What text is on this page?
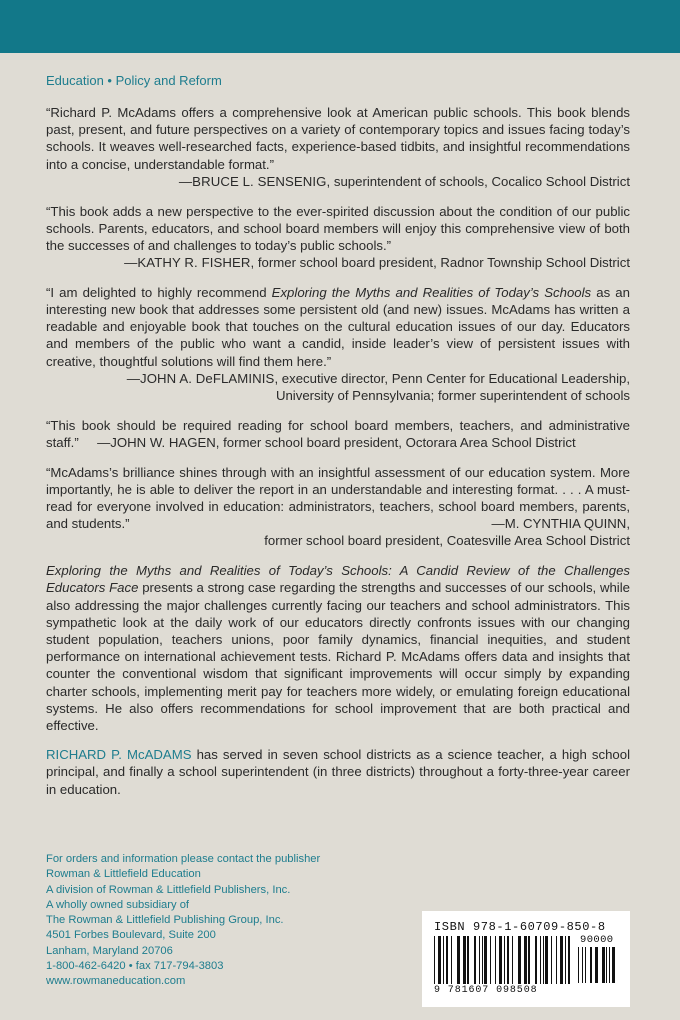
Education • Policy and Reform
“Richard P. McAdams offers a comprehensive look at American public schools. This book blends past, present, and future perspectives on a variety of contemporary topics and issues facing today’s schools. It weaves well-researched facts, experience-based tidbits, and insightful recommendations into a concise, understandable format.”
—BRUCE L. SENSENIG, superintendent of schools, Cocalico School District
“This book adds a new perspective to the ever-spirited discussion about the condition of our public schools. Parents, educators, and school board members will enjoy this comprehensive view of both the successes of and challenges to today’s public schools.”
—KATHY R. FISHER, former school board president, Radnor Township School District
“I am delighted to highly recommend Exploring the Myths and Realities of Today’s Schools as an interesting new book that addresses some persistent old (and new) issues. McAdams has written a readable and enjoyable book that touches on the cultural education issues of our day. Educators and members of the public who want a candid, inside leader’s view of persistent issues with creative, thoughtful solutions will find them here.”
—JOHN A. DeFLAMINIS, executive director, Penn Center for Educational Leadership,
University of Pennsylvania; former superintendent of schools
“This book should be required reading for school board members, teachers, and administrative staff.” —JOHN W. HAGEN, former school board president, Octorara Area School District
“McAdams’s brilliance shines through with an insightful assessment of our education system. More importantly, he is able to deliver the report in an understandable and interesting format. . . . A must-read for everyone involved in education: administrators, teachers, school board members, parents, and students.”	—M. CYNTHIA QUINN,
former school board president, Coatesville Area School District
Exploring the Myths and Realities of Today’s Schools: A Candid Review of the Challenges Educators Face presents a strong case regarding the strengths and successes of our schools, while also addressing the major challenges currently facing our teachers and school administrators. This sympathetic look at the daily work of our educators directly confronts issues with our changing student population, teachers unions, poor family dynamics, financial inequities, and student performance on international achievement tests. Richard P. McAdams offers data and insights that counter the conventional wisdom that significant improvements will occur simply by expanding charter schools, implementing merit pay for teachers more widely, or emulating foreign educational systems. He also offers recommendations for school improvement that are both practical and effective.
RICHARD P. McADAMS has served in seven school districts as a science teacher, a high school principal, and finally a school superintendent (in three districts) throughout a forty-three-year career in education.
For orders and information please contact the publisher
Rowman & Littlefield Education
A division of Rowman & Littlefield Publishers, Inc.
A wholly owned subsidiary of
The Rowman & Littlefield Publishing Group, Inc.
4501 Forbes Boulevard, Suite 200
Lanham, Maryland 20706
1-800-462-6420 • fax 717-794-3803
www.rowmaneducation.com
ISBN 978-1-60709-850-8
90000
9 781607 098508
